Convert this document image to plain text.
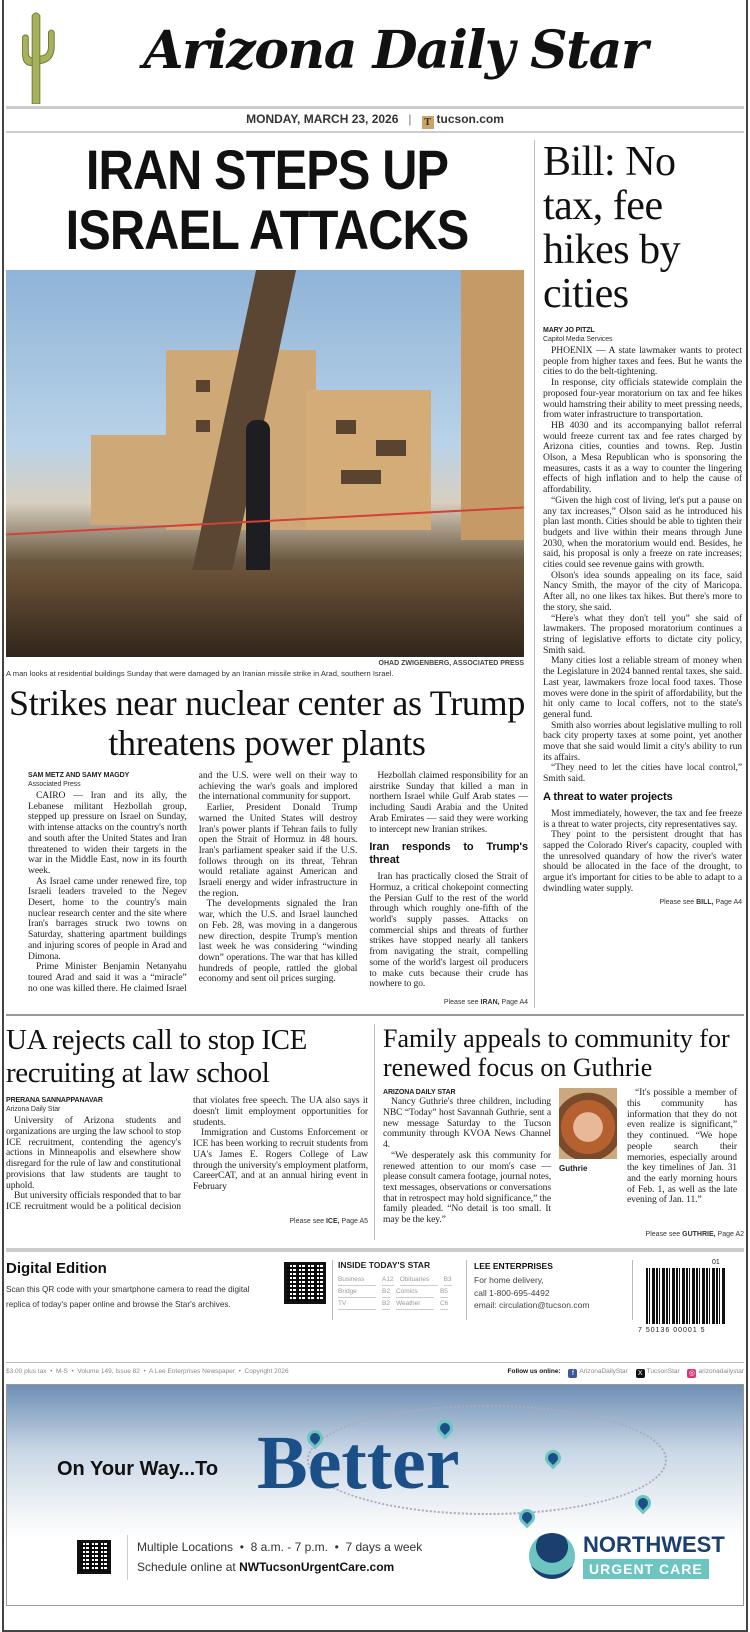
Arizona Daily Star
MONDAY, MARCH 23, 2026 | T tucson.com
IRAN STEPS UP ISRAEL ATTACKS
OHAD ZWIGENBERG, ASSOCIATED PRESS
A man looks at residential buildings Sunday that were damaged by an Iranian missile strike in Arad, southern Israel.
Strikes near nuclear center as Trump threatens power plants
SAM METZ AND SAMY MAGDY
Associated Press

CAIRO — Iran and its ally, the Lebanese militant Hezbollah group, stepped up pressure on Israel on Sunday, with intense attacks on the country's north and south after the United States and Iran threatened to widen their targets in the war in the Middle East, now in its fourth week.

As Israel came under renewed fire, top Israeli leaders traveled to the Negev Desert, home to the country's main nuclear research center and the site where Iran's barrages struck two towns on Saturday, shattering apartment buildings and injuring scores of people in Arad and Dimona.

Prime Minister Benjamin Netanyahu toured Arad and said it was a “miracle” no one was killed there. He claimed Israel and the U.S. were well on their way to achieving the war's goals and implored the international community for support.

Earlier, President Donald Trump warned the United States will destroy Iran's power plants if Tehran fails to fully open the Strait of Hormuz in 48 hours. Iran's parliament speaker said if the U.S. follows through on its threat, Tehran would retaliate against American and Israeli energy and wider infrastructure in the region.

The developments signaled the Iran war, which the U.S. and Israel launched on Feb. 28, was moving in a dangerous new direction, despite Trump's mention last week he was considering “winding down” operations. The war that has killed hundreds of people, rattled the global economy and sent oil prices surging.

Hezbollah claimed responsibility for an airstrike Sunday that killed a man in northern Israel while Gulf Arab states — including Saudi Arabia and the United Arab Emirates — said they were working to intercept new Iranian strikes.

Iran responds to Trump's threat

Iran has practically closed the Strait of Hormuz, a critical chokepoint connecting the Persian Gulf to the rest of the world through which roughly one-fifth of the world's supply passes. Attacks on commercial ships and threats of further strikes have stopped nearly all tankers from navigating the strait, compelling some of the world's largest oil producers to make cuts because their crude has nowhere to go.

Please see IRAN, Page A4
Bill: No tax, fee hikes by cities
MARY JO PITZL
Capitol Media Services

PHOENIX — A state lawmaker wants to protect people from higher taxes and fees. But he wants the cities to do the belt-tightening.

In response, city officials statewide complain the proposed four-year moratorium on tax and fee hikes would hamstring their ability to meet pressing needs, from water infrastructure to transportation.

HB 4030 and its accompanying ballot referral would freeze current tax and fee rates charged by Arizona cities, counties and towns. Rep. Justin Olson, a Mesa Republican who is sponsoring the measures, casts it as a way to counter the lingering effects of high inflation and to help the cause of affordability.

“Given the high cost of living, let's put a pause on any tax increases,” Olson said as he introduced his plan last month. Cities should be able to tighten their budgets and live within their means through June 2030, when the moratorium would end. Besides, he said, his proposal is only a freeze on rate increases; cities could see revenue gains with growth.

Olson's idea sounds appealing on its face, said Nancy Smith, the mayor of the city of Maricopa. After all, no one likes tax hikes. But there's more to the story, she said.

“Here's what they don't tell you” she said of lawmakers. The proposed moratorium continues a string of legislative efforts to dictate city policy, Smith said.

Many cities lost a reliable stream of money when the Legislature in 2024 banned rental taxes, she said. Last year, lawmakers froze local food taxes. Those moves were done in the spirit of affordability, but the hit only came to local coffers, not to the state's general fund.

Smith also worries about legislative mulling to roll back city property taxes at some point, yet another move that she said would limit a city's ability to run its affairs.

“They need to let the cities have local control,” Smith said.

A threat to water projects

Most immediately, however, the tax and fee freeze is a threat to water projects, city representatives say.

They point to the persistent drought that has sapped the Colorado River's capacity, coupled with the unresolved quandary of how the river's water should be allocated in the face of the drought, to argue it's important for cities to be able to adapt to a dwindling water supply.

Please see BILL, Page A4
UA rejects call to stop ICE recruiting at law school
PRERANA SANNAPPANAVAR
Arizona Daily Star

University of Arizona students and organizations are urging the law school to stop ICE recruitment, contending the agency's actions in Minneapolis and elsewhere show disregard for the rule of law and constitutional provisions that law students are taught to uphold.

But university officials responded that to bar ICE recruitment would be a political decision that violates free speech. The UA also says it doesn't limit employment opportunities for students.

Immigration and Customs Enforcement or ICE has been working to recruit students from UA's James E. Rogers College of Law through the university's employment platform, CareerCAT, and at an annual hiring event in February

Please see ICE, Page A5
Family appeals to community for renewed focus on Guthrie
ARIZONA DAILY STAR

Nancy Guthrie's three children, including NBC “Today” host Savannah Guthrie, sent a new message Saturday to the Tucson community through KVOA News Channel 4.

“We desperately ask this community for renewed attention to our mom's case — please consult camera footage, journal notes, text messages, observations or conversations that in retrospect may hold significance,” the family pleaded. “No detail is too small. It may be the key.”

Guthrie

“It's possible a member of this community has information that they do not even realize is significant,” they continued. “We hope people search their memories, especially around the key timelines of Jan. 31 and the early morning hours of Feb. 1, as well as the late evening of Jan. 11.”

Please see GUTHRIE, Page A2
Digital Edition
Scan this QR code with your smartphone camera to read the digital replica of today's paper online and browse the Star's archives.
INSIDE TODAY'S STAR
Business	A12 Obituaries	B3
Bridge	B2 Comics	B5
TV	B2 Weather	C6
LEE ENTERPRISES
For home delivery,
call 1-800-695-4492
email: circulation@tucson.com
7 50136 00001 5
01
$3.00 plus tax  •  M-S  •  Volume 149, Issue 82  •  A Lee Enterprises Newspaper  •  Copyright 2026	Follow us online: f ArizonaDailyStar X TucsonStar ◎ arizonadailystar
On Your Way...To Better
Multiple Locations  •  8 a.m. - 7 p.m.  •  7 days a week
Schedule online at NWTucsonUrgentCare.com
NORTHWEST
URGENT CARE
